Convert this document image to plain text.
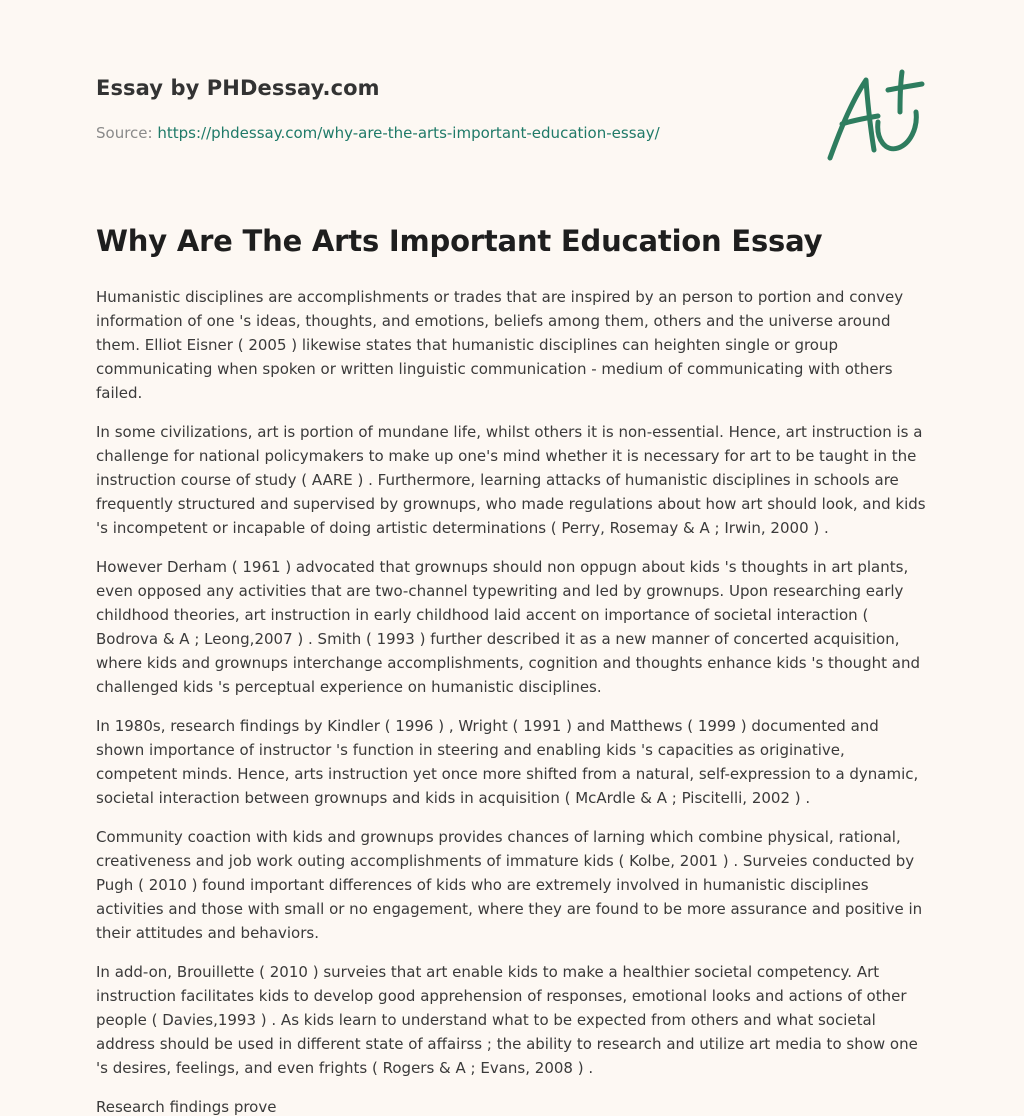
Essay by PHDessay.com

Source: https://phdessay.com/why-are-the-arts-important-education-essay/

Why Are The Arts Important Education Essay

Humanistic disciplines are accomplishments or trades that are inspired by an person to portion and convey information of one 's ideas, thoughts, and emotions, beliefs among them, others and the universe around them. Elliot Eisner ( 2005 ) likewise states that humanistic disciplines can heighten single or group communicating when spoken or written linguistic communication - medium of communicating with others failed.

In some civilizations, art is portion of mundane life, whilst others it is non-essential. Hence, art instruction is a challenge for national policymakers to make up one's mind whether it is necessary for art to be taught in the instruction course of study ( AARE ) . Furthermore, learning attacks of humanistic disciplines in schools are frequently structured and supervised by grownups, who made regulations about how art should look, and kids 's incompetent or incapable of doing artistic determinations ( Perry, Rosemay & A ; Irwin, 2000 ) .

However Derham ( 1961 ) advocated that grownups should non oppugn about kids 's thoughts in art plants, even opposed any activities that are two-channel typewriting and led by grownups. Upon researching early childhood theories, art instruction in early childhood laid accent on importance of societal interaction ( Bodrova & A ; Leong,2007 ) . Smith ( 1993 ) further described it as a new manner of concerted acquisition, where kids and grownups interchange accomplishments, cognition and thoughts enhance kids 's thought and challenged kids 's perceptual experience on humanistic disciplines.

In 1980s, research findings by Kindler ( 1996 ) , Wright ( 1991 ) and Matthews ( 1999 ) documented and shown importance of instructor 's function in steering and enabling kids 's capacities as originative, competent minds. Hence, arts instruction yet once more shifted from a natural, self-expression to a dynamic, societal interaction between grownups and kids in acquisition ( McArdle & A ; Piscitelli, 2002 ) .

Community coaction with kids and grownups provides chances of larning which combine physical, rational, creativeness and job work outing accomplishments of immature kids ( Kolbe, 2001 ) . Surveies conducted by Pugh ( 2010 ) found important differences of kids who are extremely involved in humanistic disciplines activities and those with small or no engagement, where they are found to be more assurance and positive in their attitudes and behaviors.

In add-on, Brouillette ( 2010 ) surveies that art enable kids to make a healthier societal competency. Art instruction facilitates kids to develop good apprehension of responses, emotional looks and actions of other people ( Davies,1993 ) . As kids learn to understand what to be expected from others and what societal address should be used in different state of affairss ; the ability to research and utilize art media to show one 's desires, feelings, and even frights ( Rogers & A ; Evans, 2008 ) .

Research findings prove
